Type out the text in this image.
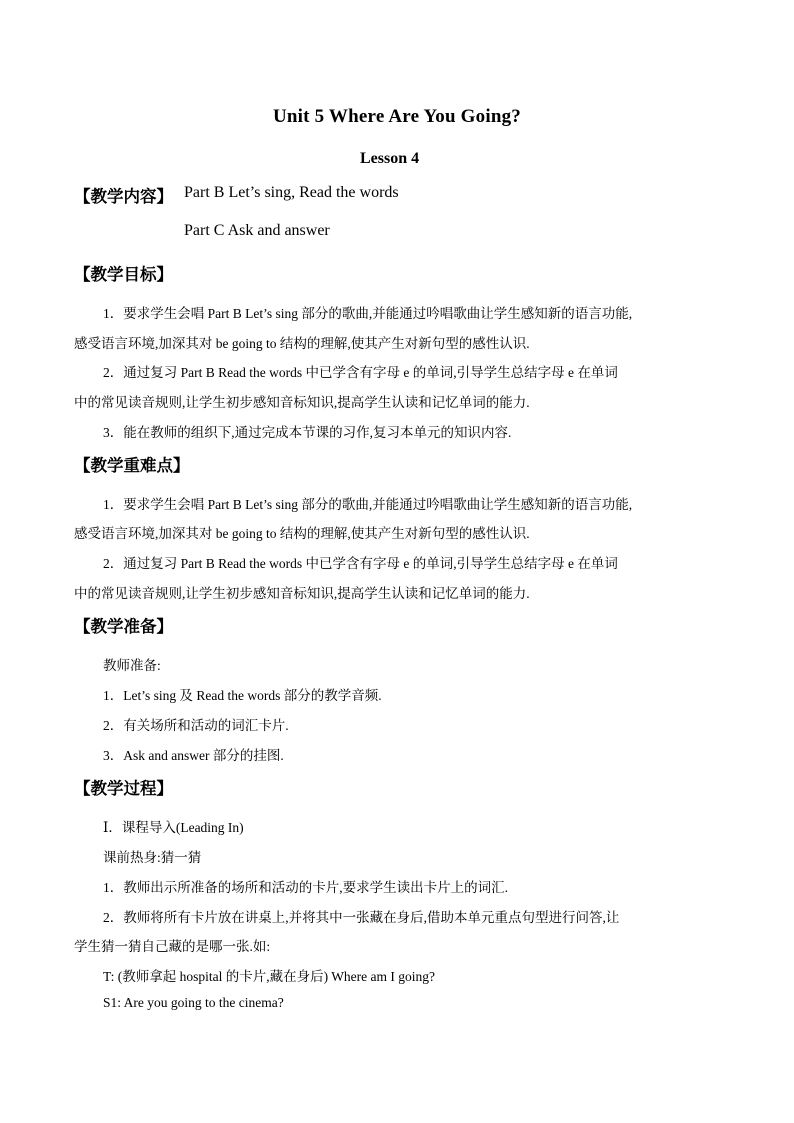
Unit 5 Where Are You Going?
Lesson 4
【教学内容】 Part B Let’s sing, Read the words
Part C Ask and answer
【教学目标】
1．要求学生会唱 Part B Let’s sing 部分的歌曲,并能通过吟唱歌曲让学生感知新的语言功能,
感受语言环境,加深其对 be going to 结构的理解,使其产生对新句型的感性认识.
2．通过复习 Part B Read the words 中已学含有字母 e 的单词,引导学生总结字母 e 在单词
中的常见读音规则,让学生初步感知音标知识,提高学生认读和记忆单词的能力.
3．能在教师的组织下,通过完成本节课的习作,复习本单元的知识内容.
【教学重难点】
1．要求学生会唱 Part B Let’s sing 部分的歌曲,并能通过吟唱歌曲让学生感知新的语言功能,
感受语言环境,加深其对 be going to 结构的理解,使其产生对新句型的感性认识.
2．通过复习 Part B Read the words 中已学含有字母 e 的单词,引导学生总结字母 e 在单词
中的常见读音规则,让学生初步感知音标知识,提高学生认读和记忆单词的能力.
【教学准备】
教师准备:
1．Let’s sing 及 Read the words 部分的教学音频.
2．有关场所和活动的词汇卡片.
3．Ask and answer 部分的挂图.
【教学过程】
Ⅰ．课程导入(Leading In)
课前热身:猜一猜
1．教师出示所准备的场所和活动的卡片,要求学生读出卡片上的词汇.
2．教师将所有卡片放在讲桌上,并将其中一张藏在身后,借助本单元重点句型进行问答,让
学生猜一猜自己藏的是哪一张.如:
T: (教师拿起 hospital 的卡片,藏在身后) Where am I going?
S1: Are you going to the cinema?
